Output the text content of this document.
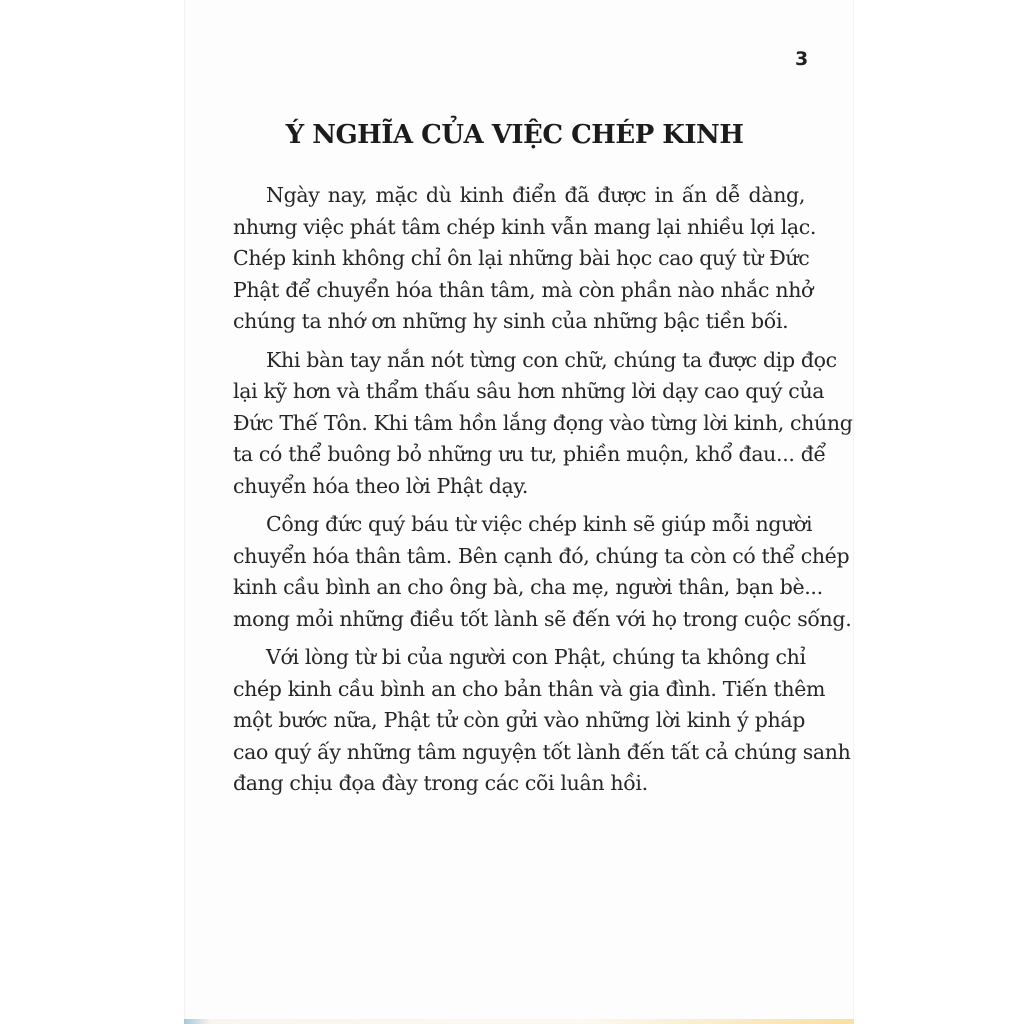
3
Ý NGHĨA CỦA VIỆC CHÉP KINH
Ngày nay, mặc dù kinh điển đã được in ấn dễ dàng,
nhưng việc phát tâm chép kinh vẫn mang lại nhiều lợi lạc.
Chép kinh không chỉ ôn lại những bài học cao quý từ Đức
Phật để chuyển hóa thân tâm, mà còn phần nào nhắc nhở
chúng ta nhớ ơn những hy sinh của những bậc tiền bối.
Khi bàn tay nắn nót từng con chữ, chúng ta được dịp đọc
lại kỹ hơn và thẩm thấu sâu hơn những lời dạy cao quý của
Đức Thế Tôn. Khi tâm hồn lắng đọng vào từng lời kinh, chúng
ta có thể buông bỏ những ưu tư, phiền muộn, khổ đau... để
chuyển hóa theo lời Phật dạy.
Công đức quý báu từ việc chép kinh sẽ giúp mỗi người
chuyển hóa thân tâm. Bên cạnh đó, chúng ta còn có thể chép
kinh cầu bình an cho ông bà, cha mẹ, người thân, bạn bè...
mong mỏi những điều tốt lành sẽ đến với họ trong cuộc sống.
Với lòng từ bi của người con Phật, chúng ta không chỉ
chép kinh cầu bình an cho bản thân và gia đình. Tiến thêm
một bước nữa, Phật tử còn gửi vào những lời kinh ý pháp
cao quý ấy những tâm nguyện tốt lành đến tất cả chúng sanh
đang chịu đọa đày trong các cõi luân hồi.
